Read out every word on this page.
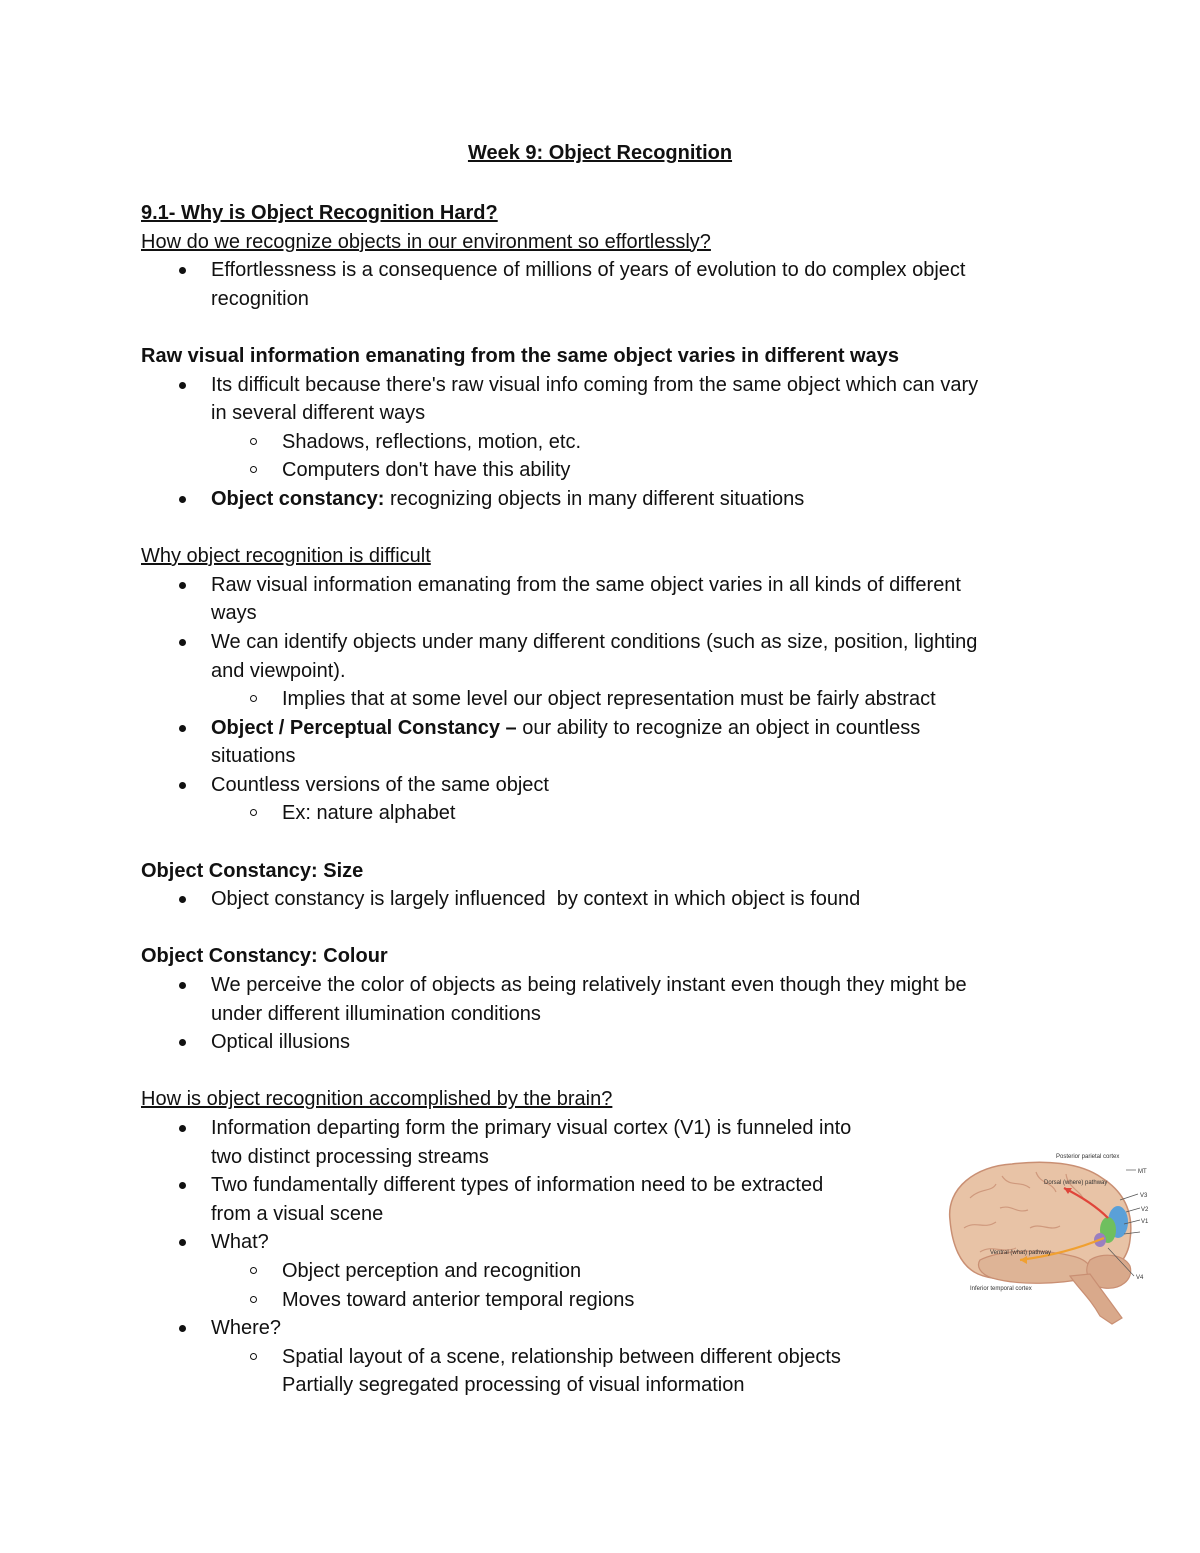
Week 9: Object Recognition
9.1- Why is Object Recognition Hard?
How do we recognize objects in our environment so effortlessly?
Effortlessness is a consequence of millions of years of evolution to do complex object
recognition
Raw visual information emanating from the same object varies in different ways
Its difficult because there's raw visual info coming from the same object which can vary
in several different ways
Shadows, reflections, motion, etc.
Computers don't have this ability
Object constancy: recognizing objects in many different situations
Why object recognition is difficult
Raw visual information emanating from the same object varies in all kinds of different
ways
We can identify objects under many different conditions (such as size, position, lighting
and viewpoint).
Implies that at some level our object representation must be fairly abstract
Object / Perceptual Constancy – our ability to recognize an object in countless
situations
Countless versions of the same object
Ex: nature alphabet
Object Constancy: Size
Object constancy is largely influenced  by context in which object is found
Object Constancy: Colour
We perceive the color of objects as being relatively instant even though they might be
under different illumination conditions
Optical illusions
How is object recognition accomplished by the brain?
Information departing form the primary visual cortex (V1) is funneled into
two distinct processing streams
Two fundamentally different types of information need to be extracted
from a visual scene
What?
Object perception and recognition
Moves toward anterior temporal regions
Where?
Spatial layout of a scene, relationship between different objects
Partially segregated processing of visual information
Posterior parietal cortex
Dorsal (where) pathway
MT
V3
V2
V1
Ventral (what) pathway
V4
Inferior temporal cortex
